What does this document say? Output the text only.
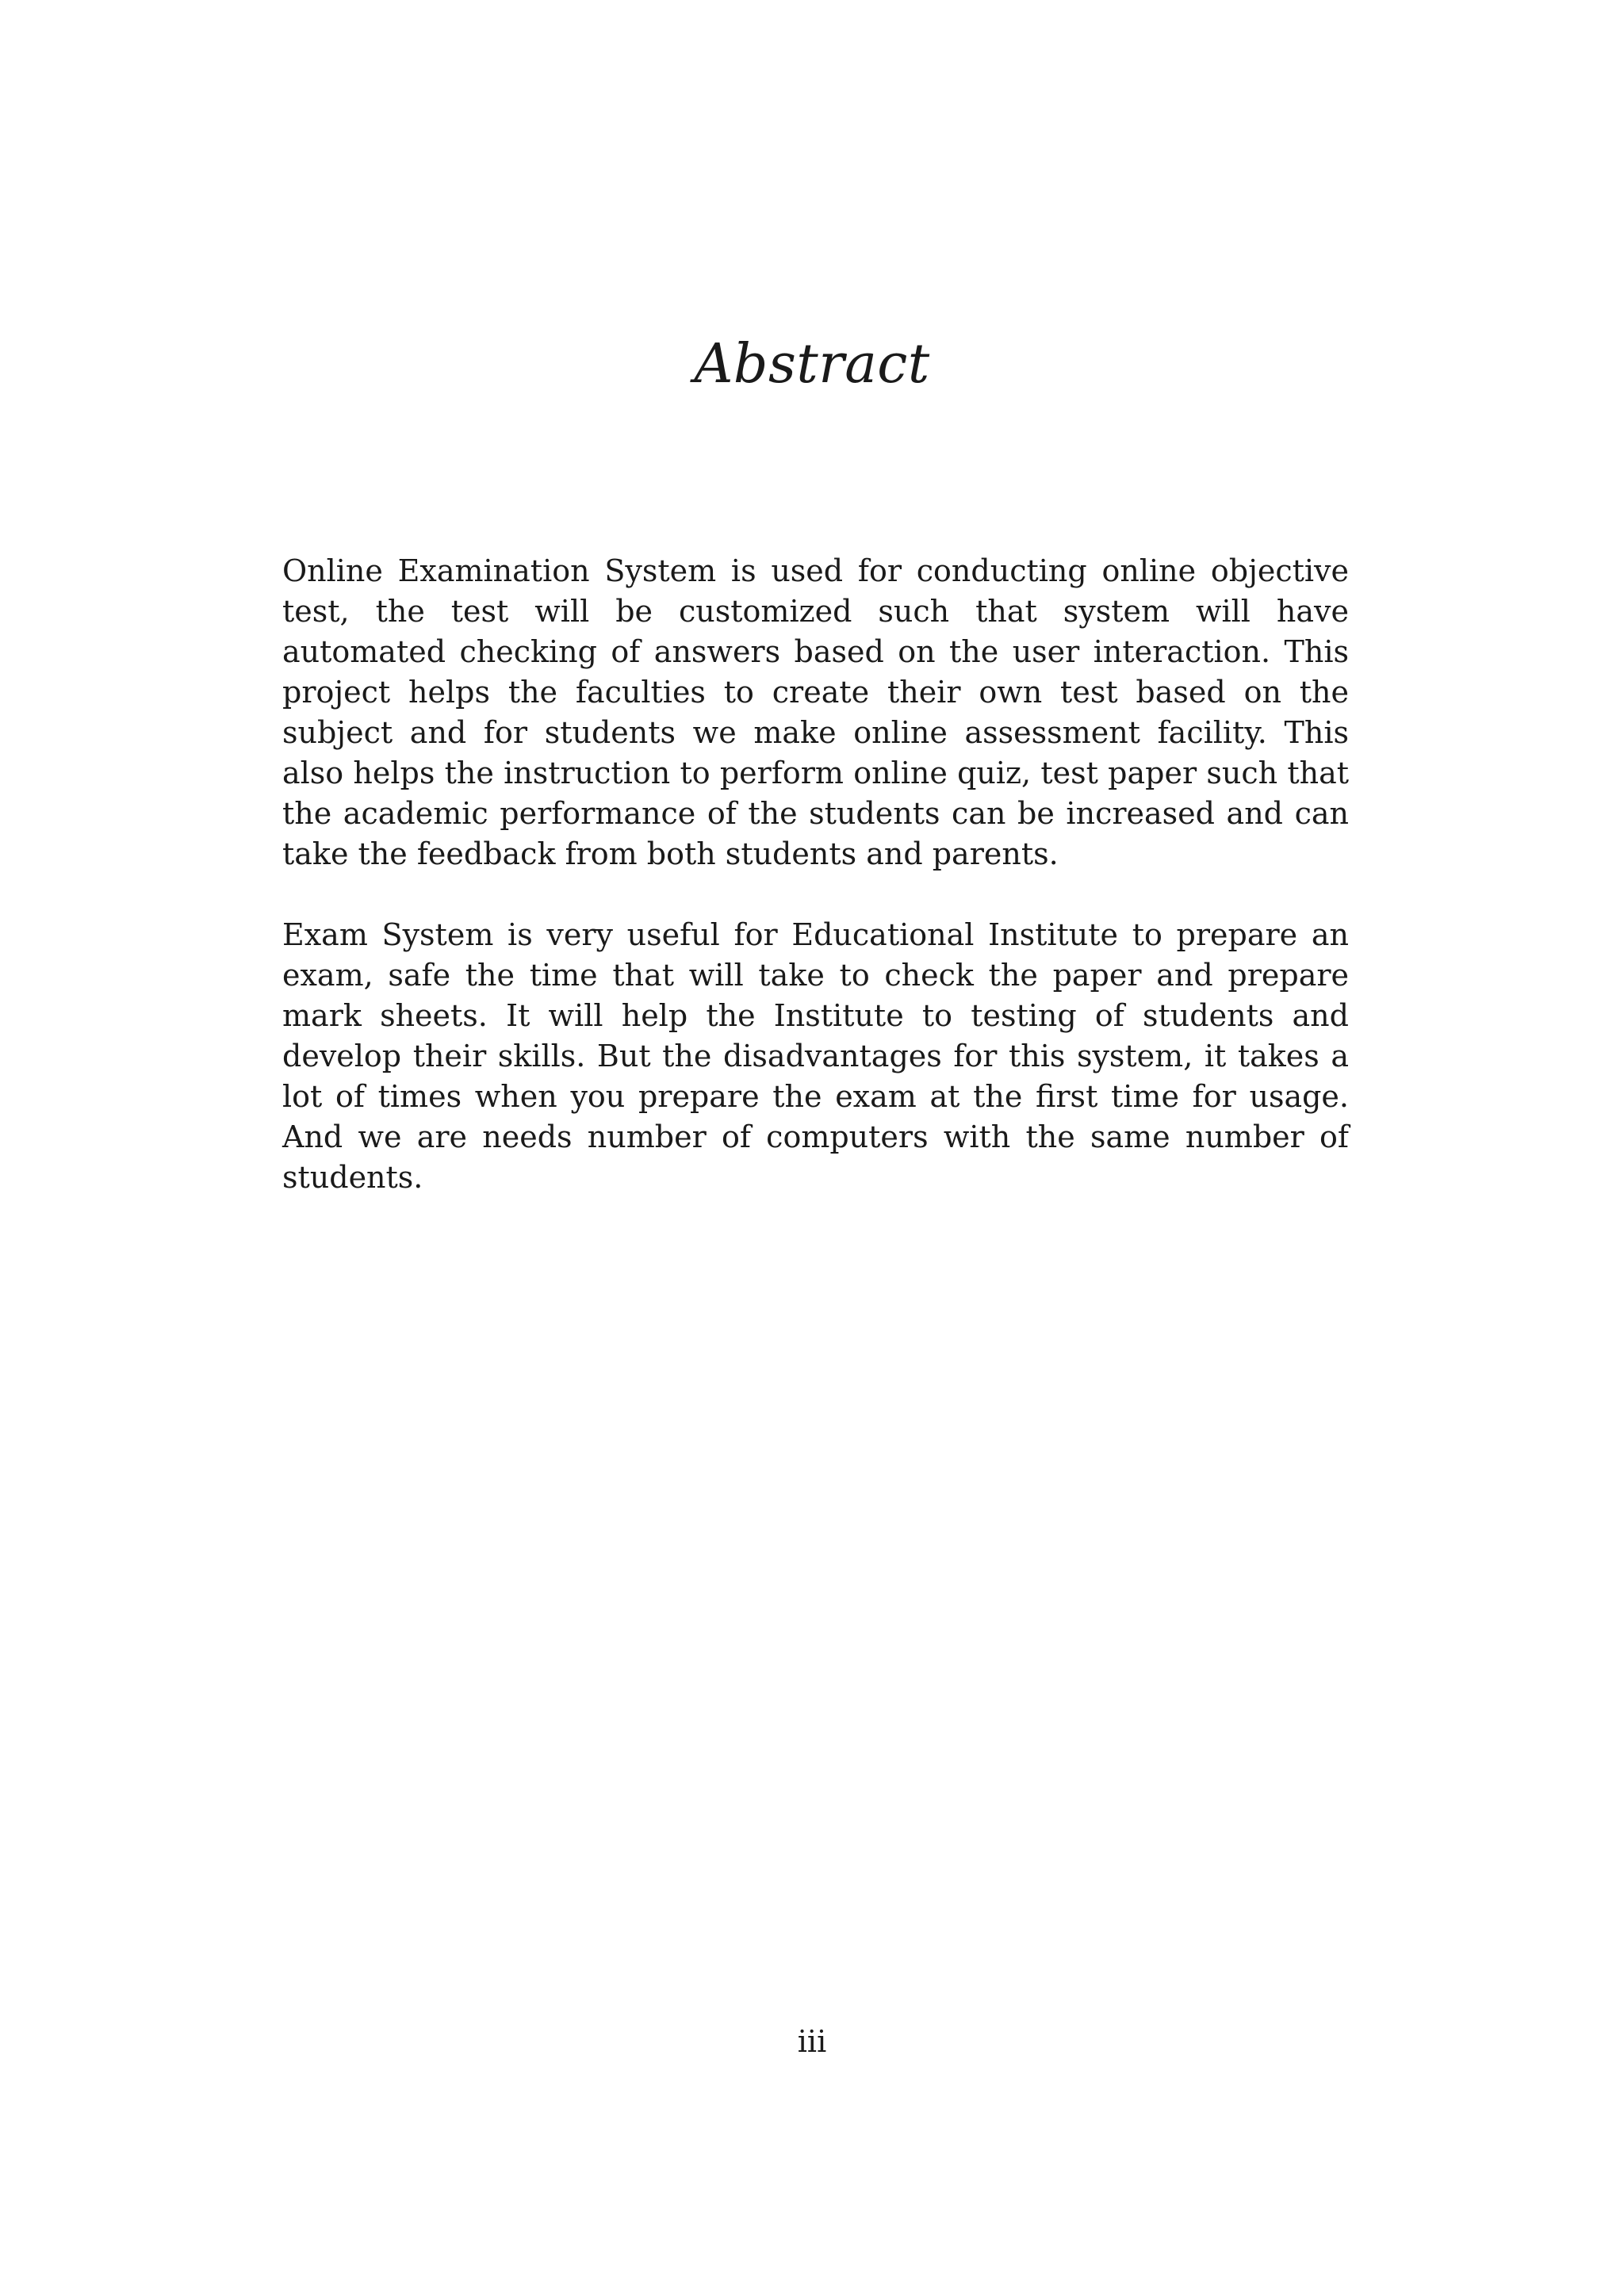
Abstract

Online Examination System is used for conducting online objective test, the test will be customized such that system will have automated checking of answers based on the user interaction. This project helps the faculties to create their own test based on the subject and for students we make online assessment facility. This also helps the instruction to perform online quiz, test paper such that the academic performance of the students can be increased and can take the feedback from both students and parents.

Exam System is very useful for Educational Institute to prepare an exam, safe the time that will take to check the paper and prepare mark sheets. It will help the Institute to testing of students and develop their skills. But the disadvantages for this system, it takes a lot of times when you prepare the exam at the first time for usage. And we are needs number of computers with the same number of students.

iii
